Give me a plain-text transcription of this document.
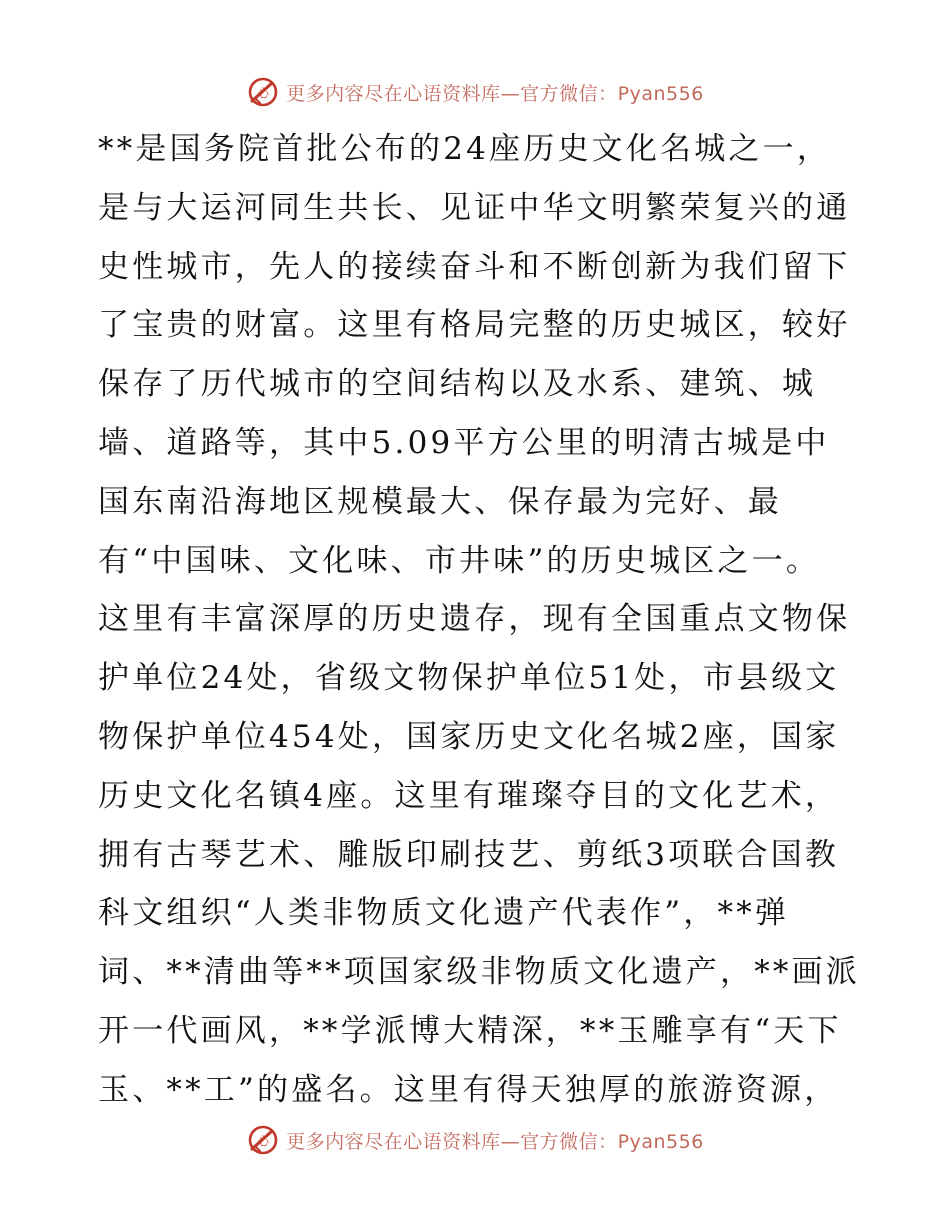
心 更多内容尽在心语资料库—官方微信：Pyan556
**是国务院首批公布的24座历史文化名城之一，
是与大运河同生共长、见证中华文明繁荣复兴的通
史性城市，先人的接续奋斗和不断创新为我们留下
了宝贵的财富。这里有格局完整的历史城区，较好
保存了历代城市的空间结构以及水系、建筑、城
墙、道路等，其中5.09平方公里的明清古城是中
国东南沿海地区规模最大、保存最为完好、最
有“中国味、文化味、市井味”的历史城区之一。
这里有丰富深厚的历史遗存，现有全国重点文物保
护单位24处，省级文物保护单位51处，市县级文
物保护单位454处，国家历史文化名城2座，国家
历史文化名镇4座。这里有璀璨夺目的文化艺术，
拥有古琴艺术、雕版印刷技艺、剪纸3项联合国教
科文组织“人类非物质文化遗产代表作”，**弹
词、**清曲等**项国家级非物质文化遗产，**画派
开一代画风，**学派博大精深，**玉雕享有“天下
玉、**工”的盛名。这里有得天独厚的旅游资源，
心 更多内容尽在心语资料库—官方微信：Pyan556
